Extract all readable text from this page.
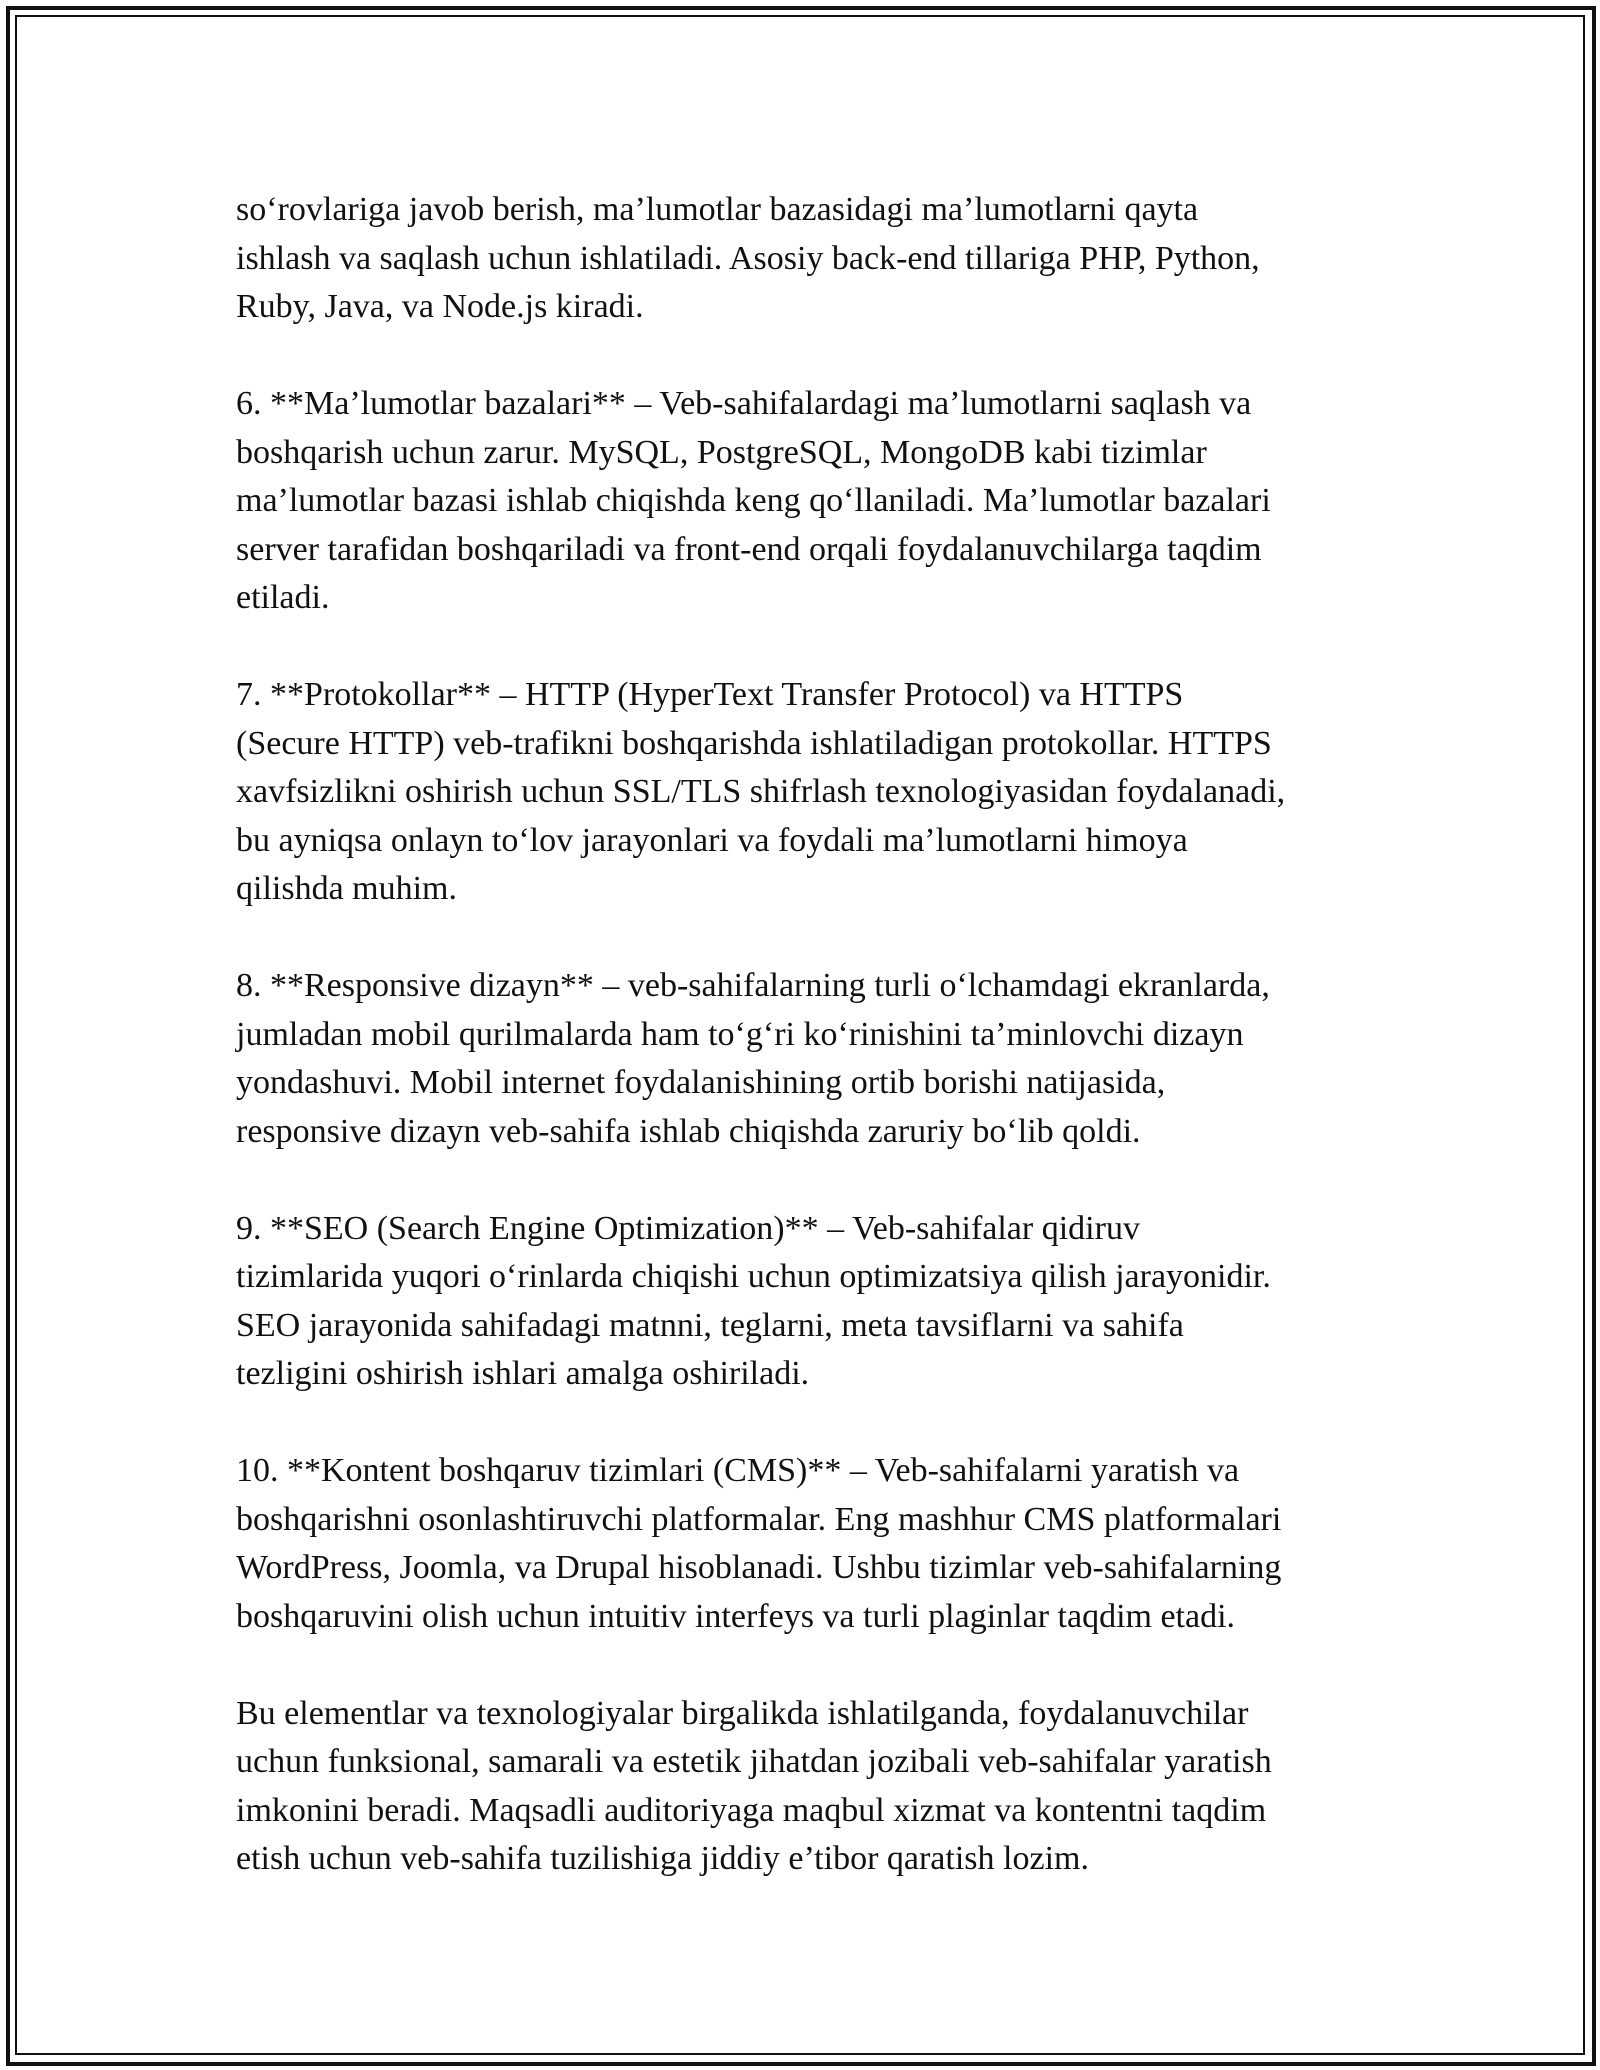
so‘rovlariga javob berish, ma’lumotlar bazasidagi ma’lumotlarni qayta
ishlash va saqlash uchun ishlatiladi. Asosiy back-end tillariga PHP, Python,
Ruby, Java, va Node.js kiradi.

6. **Ma’lumotlar bazalari** – Veb-sahifalardagi ma’lumotlarni saqlash va
boshqarish uchun zarur. MySQL, PostgreSQL, MongoDB kabi tizimlar
ma’lumotlar bazasi ishlab chiqishda keng qo‘llaniladi. Ma’lumotlar bazalari
server tarafidan boshqariladi va front-end orqali foydalanuvchilarga taqdim
etiladi.

7. **Protokollar** – HTTP (HyperText Transfer Protocol) va HTTPS
(Secure HTTP) veb-trafikni boshqarishda ishlatiladigan protokollar. HTTPS
xavfsizlikni oshirish uchun SSL/TLS shifrlash texnologiyasidan foydalanadi,
bu ayniqsa onlayn to‘lov jarayonlari va foydali ma’lumotlarni himoya
qilishda muhim.

8. **Responsive dizayn** – veb-sahifalarning turli o‘lchamdagi ekranlarda,
jumladan mobil qurilmalarda ham to‘g‘ri ko‘rinishini ta’minlovchi dizayn
yondashuvi. Mobil internet foydalanishining ortib borishi natijasida,
responsive dizayn veb-sahifa ishlab chiqishda zaruriy bo‘lib qoldi.

9. **SEO (Search Engine Optimization)** – Veb-sahifalar qidiruv
tizimlarida yuqori o‘rinlarda chiqishi uchun optimizatsiya qilish jarayonidir.
SEO jarayonida sahifadagi matnni, teglarni, meta tavsiflarni va sahifa
tezligini oshirish ishlari amalga oshiriladi.

10. **Kontent boshqaruv tizimlari (CMS)** – Veb-sahifalarni yaratish va
boshqarishni osonlashtiruvchi platformalar. Eng mashhur CMS platformalari
WordPress, Joomla, va Drupal hisoblanadi. Ushbu tizimlar veb-sahifalarning
boshqaruvini olish uchun intuitiv interfeys va turli plaginlar taqdim etadi.

Bu elementlar va texnologiyalar birgalikda ishlatilganda, foydalanuvchilar
uchun funksional, samarali va estetik jihatdan jozibali veb-sahifalar yaratish
imkonini beradi. Maqsadli auditoriyaga maqbul xizmat va kontentni taqdim
etish uchun veb-sahifa tuzilishiga jiddiy e’tibor qaratish lozim.
